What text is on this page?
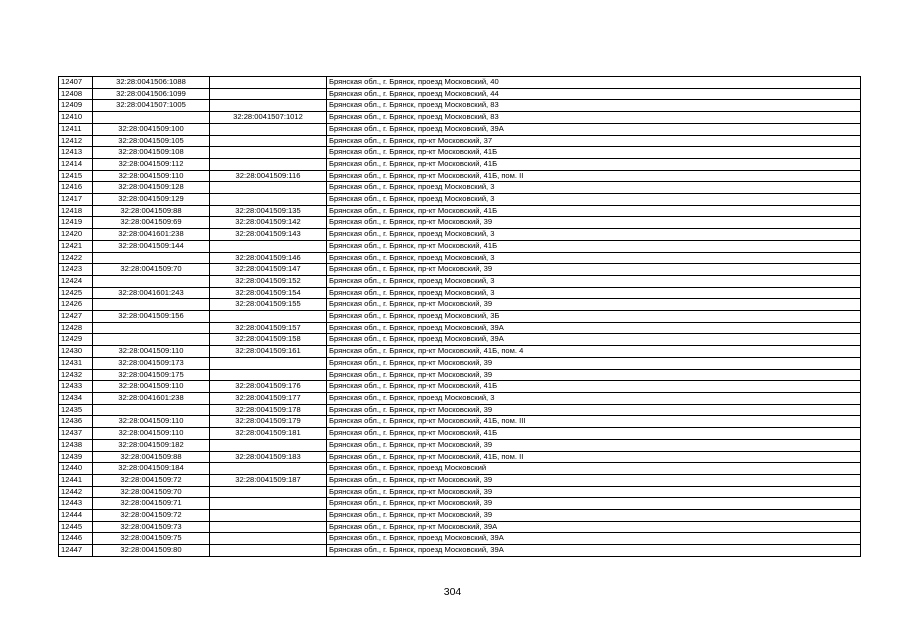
12407	32:28:0041506:1088		Брянская обл., г. Брянск, проезд Московский, 40
12408	32:28:0041506:1099		Брянская обл., г. Брянск, проезд Московский, 44
12409	32:28:0041507:1005		Брянская обл., г. Брянск, проезд Московский, 83
12410		32:28:0041507:1012	Брянская обл., г. Брянск, проезд Московский, 83
12411	32:28:0041509:100		Брянская обл., г. Брянск, проезд Московский, 39А
12412	32:28:0041509:105		Брянская обл., г. Брянск, пр-кт Московский, 37
12413	32:28:0041509:108		Брянская обл., г. Брянск, пр-кт Московский, 41Б
12414	32:28:0041509:112		Брянская обл., г. Брянск, пр-кт Московский, 41Б
12415	32:28:0041509:110	32:28:0041509:116	Брянская обл., г. Брянск, пр-кт Московский, 41Б, пом. II
12416	32:28:0041509:128		Брянская обл., г. Брянск, проезд Московский, 3
12417	32:28:0041509:129		Брянская обл., г. Брянск, проезд Московский, 3
12418	32:28:0041509:88	32:28:0041509:135	Брянская обл., г. Брянск, пр-кт Московский, 41Б
12419	32:28:0041509:69	32:28:0041509:142	Брянская обл., г. Брянск, пр-кт Московский, 39
12420	32:28:0041601:238	32:28:0041509:143	Брянская обл., г. Брянск, проезд Московский, 3
12421	32:28:0041509:144		Брянская обл., г. Брянск, пр-кт Московский, 41Б
12422		32:28:0041509:146	Брянская обл., г. Брянск, проезд Московский, 3
12423	32:28:0041509:70	32:28:0041509:147	Брянская обл., г. Брянск, пр-кт Московский, 39
12424		32:28:0041509:152	Брянская обл., г. Брянск, проезд Московский, 3
12425	32:28:0041601:243	32:28:0041509:154	Брянская обл., г. Брянск, проезд Московский, 3
12426		32:28:0041509:155	Брянская обл., г. Брянск, пр-кт Московский, 39
12427	32:28:0041509:156		Брянская обл., г. Брянск, проезд Московский, 3Б
12428		32:28:0041509:157	Брянская обл., г. Брянск, проезд Московский, 39А
12429		32:28:0041509:158	Брянская обл., г. Брянск, проезд Московский, 39А
12430	32:28:0041509:110	32:28:0041509:161	Брянская обл., г. Брянск, пр-кт Московский, 41Б, пом. 4
12431	32:28:0041509:173		Брянская обл., г. Брянск, пр-кт Московский, 39
12432	32:28:0041509:175		Брянская обл., г. Брянск, пр-кт Московский, 39
12433	32:28:0041509:110	32:28:0041509:176	Брянская обл., г. Брянск, пр-кт Московский, 41Б
12434	32:28:0041601:238	32:28:0041509:177	Брянская обл., г. Брянск, проезд Московский, 3
12435		32:28:0041509:178	Брянская обл., г. Брянск, пр-кт Московский, 39
12436	32:28:0041509:110	32:28:0041509:179	Брянская обл., г. Брянск, пр-кт Московский, 41Б, пом. III
12437	32:28:0041509:110	32:28:0041509:181	Брянская обл., г. Брянск, пр-кт Московский, 41Б
12438	32:28:0041509:182		Брянская обл., г. Брянск, пр-кт Московский, 39
12439	32:28:0041509:88	32:28:0041509:183	Брянская обл., г. Брянск, пр-кт Московский, 41Б, пом. II
12440	32:28:0041509:184		Брянская обл., г. Брянск, проезд Московский
12441	32:28:0041509:72	32:28:0041509:187	Брянская обл., г. Брянск, пр-кт Московский, 39
12442	32:28:0041509:70		Брянская обл., г. Брянск, пр-кт Московский, 39
12443	32:28:0041509:71		Брянская обл., г. Брянск, пр-кт Московский, 39
12444	32:28:0041509:72		Брянская обл., г. Брянск, пр-кт Московский, 39
12445	32:28:0041509:73		Брянская обл., г. Брянск, пр-кт Московский, 39А
12446	32:28:0041509:75		Брянская обл., г. Брянск, проезд Московский, 39А
12447	32:28:0041509:80		Брянская обл., г. Брянск, проезд Московский, 39А
304
